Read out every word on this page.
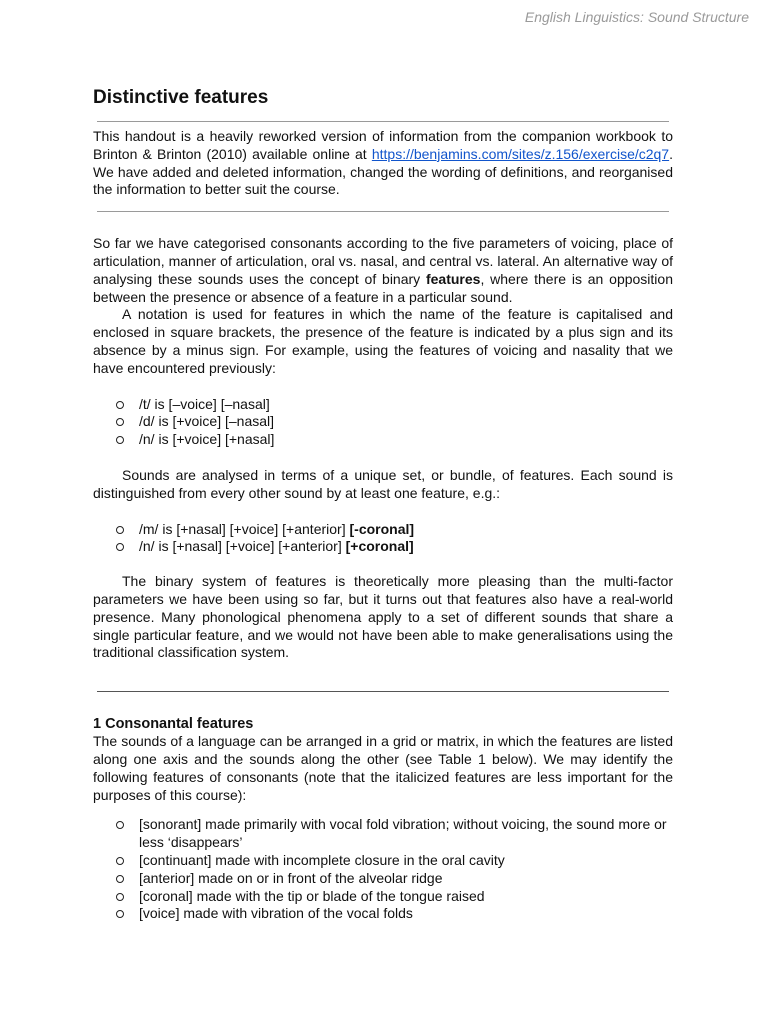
English Linguistics: Sound Structure
Distinctive features

This handout is a heavily reworked version of information from the companion workbook to Brinton & Brinton (2010) available online at https://benjamins.com/sites/z.156/exercise/c2q7. We have added and deleted information, changed the wording of definitions, and reorganised the information to better suit the course.

So far we have categorised consonants according to the five parameters of voicing, place of articulation, manner of articulation, oral vs. nasal, and central vs. lateral. An alternative way of analysing these sounds uses the concept of binary features, where there is an opposition between the presence or absence of a feature in a particular sound.

A notation is used for features in which the name of the feature is capitalised and enclosed in square brackets, the presence of the feature is indicated by a plus sign and its absence by a minus sign. For example, using the features of voicing and nasality that we have encountered previously:

/t/ is [–voice] [–nasal]
/d/ is [+voice] [–nasal]
/n/ is [+voice] [+nasal]

Sounds are analysed in terms of a unique set, or bundle, of features. Each sound is distinguished from every other sound by at least one feature, e.g.:

/m/ is [+nasal] [+voice] [+anterior] [-coronal]
/n/ is [+nasal] [+voice] [+anterior] [+coronal]

The binary system of features is theoretically more pleasing than the multi-factor parameters we have been using so far, but it turns out that features also have a real-world presence. Many phonological phenomena apply to a set of different sounds that share a single particular feature, and we would not have been able to make generalisations using the traditional classification system.

1 Consonantal features

The sounds of a language can be arranged in a grid or matrix, in which the features are listed along one axis and the sounds along the other (see Table 1 below). We may identify the following features of consonants (note that the italicized features are less important for the purposes of this course):

[sonorant] made primarily with vocal fold vibration; without voicing, the sound more or less ‘disappears’
[continuant] made with incomplete closure in the oral cavity
[anterior] made on or in front of the alveolar ridge
[coronal] made with the tip or blade of the tongue raised
[voice] made with vibration of the vocal folds
